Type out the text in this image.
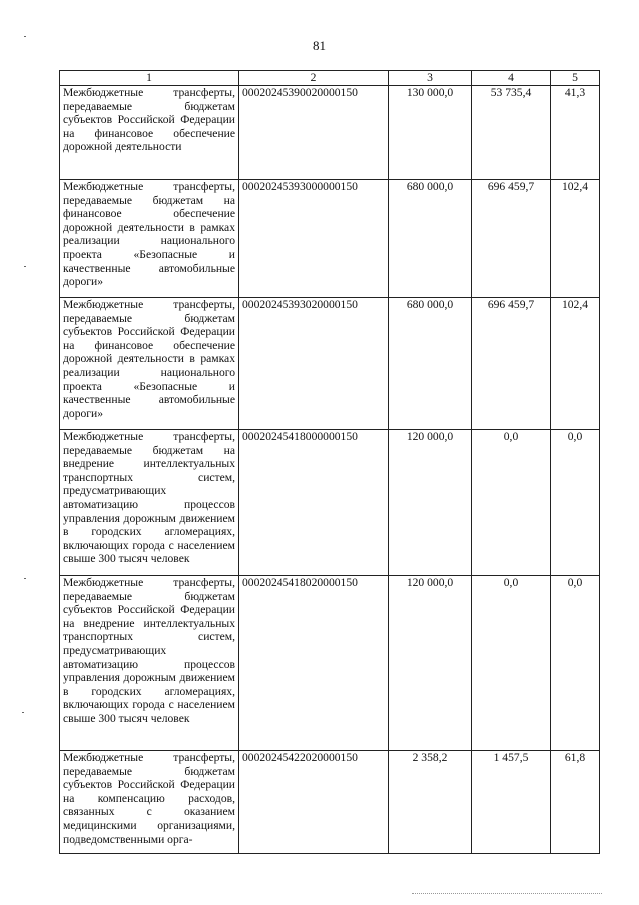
81
1	2	3	4	5
Межбюджетные трансферты, передаваемые бюджетам субъектов Российской Федерации на финансовое обеспечение дорожной деятельности	00020245390020000150	130 000,0	53 735,4	41,3
Межбюджетные трансферты, передаваемые бюджетам на финансовое обеспечение дорожной деятельности в рамках реализации национального проекта «Безопасные и качественные автомобильные дороги»	00020245393000000150	680 000,0	696 459,7	102,4
Межбюджетные трансферты, передаваемые бюджетам субъектов Российской Федерации на финансовое обеспечение дорожной деятельности в рамках реализации национального проекта «Безопасные и качественные автомобильные дороги»	00020245393020000150	680 000,0	696 459,7	102,4
Межбюджетные трансферты, передаваемые бюджетам на внедрение интеллектуальных транспортных систем, предусматривающих автоматизацию процессов управления дорожным движением в городских агломерациях, включающих города с населением свыше 300 тысяч человек	00020245418000000150	120 000,0	0,0	0,0
Межбюджетные трансферты, передаваемые бюджетам субъектов Российской Федерации на внедрение интеллектуальных транспортных систем, предусматривающих автоматизацию процессов управления дорожным движением в городских агломерациях, включающих города с населением свыше 300 тысяч человек	00020245418020000150	120 000,0	0,0	0,0
Межбюджетные трансферты, передаваемые бюджетам субъектов Российской Федерации на компенсацию расходов, связанных с оказанием медицинскими организациями, подведомственными орга-	00020245422020000150	2 358,2	1 457,5	61,8
